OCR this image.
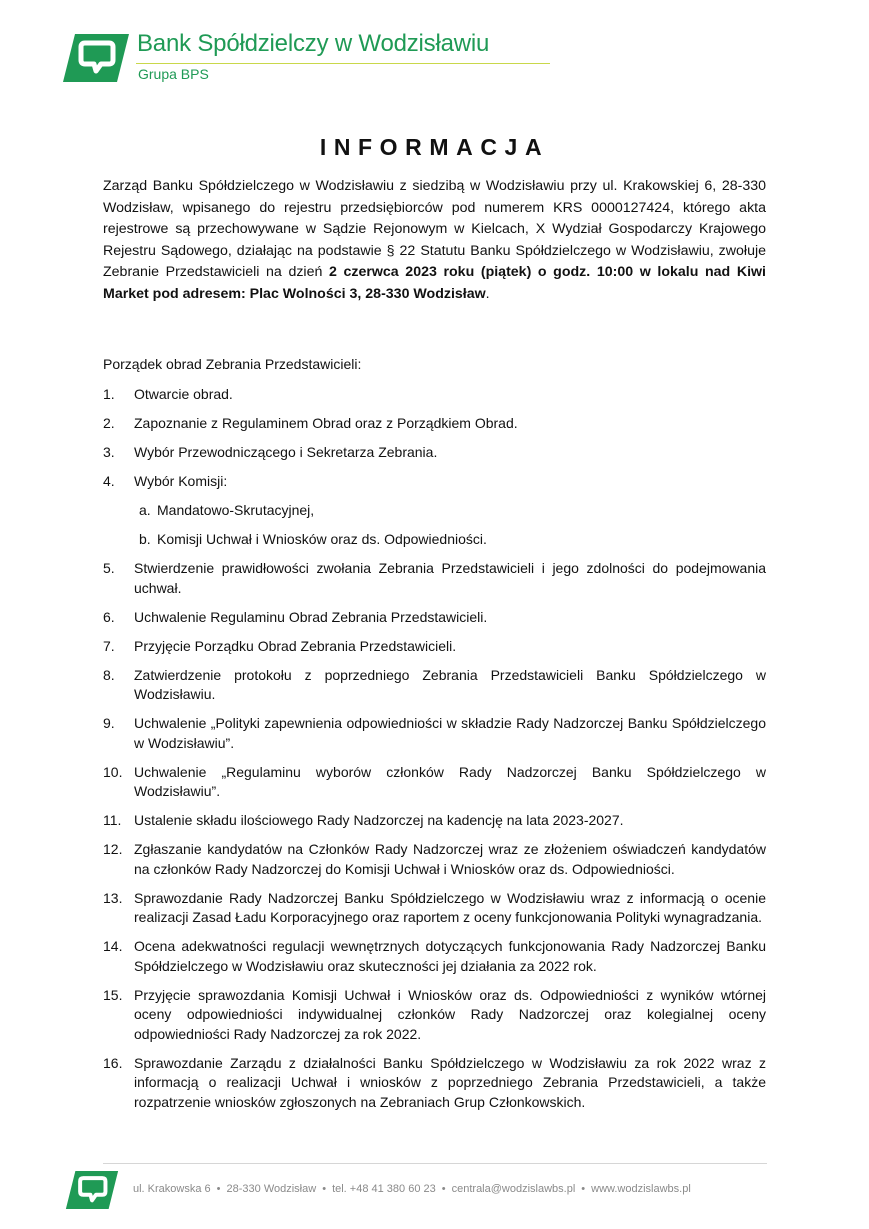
Bank Spółdzielczy w Wodzisławiu
Grupa BPS
INFORMACJA

Zarząd Banku Spółdzielczego w Wodzisławiu z siedzibą w Wodzisławiu przy ul. Krakowskiej 6, 28-330 Wodzisław, wpisanego do rejestru przedsiębiorców pod numerem KRS 0000127424, którego akta rejestrowe są przechowywane w Sądzie Rejonowym w Kielcach, X Wydział Gospodarczy Krajowego Rejestru Sądowego, działając na podstawie § 22 Statutu Banku Spółdzielczego w Wodzisławiu, zwołuje Zebranie Przedstawicieli na dzień 2 czerwca 2023 roku (piątek) o godz. 10:00 w lokalu nad Kiwi Market pod adresem: Plac Wolności 3, 28-330 Wodzisław.

Porządek obrad Zebrania Przedstawicieli:
1. Otwarcie obrad.
2. Zapoznanie z Regulaminem Obrad oraz z Porządkiem Obrad.
3. Wybór Przewodniczącego i Sekretarza Zebrania.
4. Wybór Komisji:
a. Mandatowo-Skrutacyjnej,
b. Komisji Uchwał i Wniosków oraz ds. Odpowiedniości.
5. Stwierdzenie prawidłowości zwołania Zebrania Przedstawicieli i jego zdolności do podejmowania uchwał.
6. Uchwalenie Regulaminu Obrad Zebrania Przedstawicieli.
7. Przyjęcie Porządku Obrad Zebrania Przedstawicieli.
8. Zatwierdzenie protokołu z poprzedniego Zebrania Przedstawicieli Banku Spółdzielczego w Wodzisławiu.
9. Uchwalenie „Polityki zapewnienia odpowiedniości w składzie Rady Nadzorczej Banku Spółdzielczego w Wodzisławiu”.
10. Uchwalenie „Regulaminu wyborów członków Rady Nadzorczej Banku Spółdzielczego w Wodzisławiu”.
11. Ustalenie składu ilościowego Rady Nadzorczej na kadencję na lata 2023-2027.
12. Zgłaszanie kandydatów na Członków Rady Nadzorczej wraz ze złożeniem oświadczeń kandydatów na członków Rady Nadzorczej do Komisji Uchwał i Wniosków oraz ds. Odpowiedniości.
13. Sprawozdanie Rady Nadzorczej Banku Spółdzielczego w Wodzisławiu wraz z informacją o ocenie realizacji Zasad Ładu Korporacyjnego oraz raportem z oceny funkcjonowania Polityki wynagradzania.
14. Ocena adekwatności regulacji wewnętrznych dotyczących funkcjonowania Rady Nadzorczej Banku Spółdzielczego w Wodzisławiu oraz skuteczności jej działania za 2022 rok.
15. Przyjęcie sprawozdania Komisji Uchwał i Wniosków oraz ds. Odpowiedniości z wyników wtórnej oceny odpowiedniości indywidualnej członków Rady Nadzorczej oraz kolegialnej oceny odpowiedniości Rady Nadzorczej za rok 2022.
16. Sprawozdanie Zarządu z działalności Banku Spółdzielczego w Wodzisławiu za rok 2022 wraz z informacją o realizacji Uchwał i wniosków z poprzedniego Zebrania Przedstawicieli, a także rozpatrzenie wniosków zgłoszonych na Zebraniach Grup Członkowskich.
ul. Krakowska 6 • 28-330 Wodzisław • tel. +48 41 380 60 23 • centrala@wodzislawbs.pl • www.wodzislawbs.pl
